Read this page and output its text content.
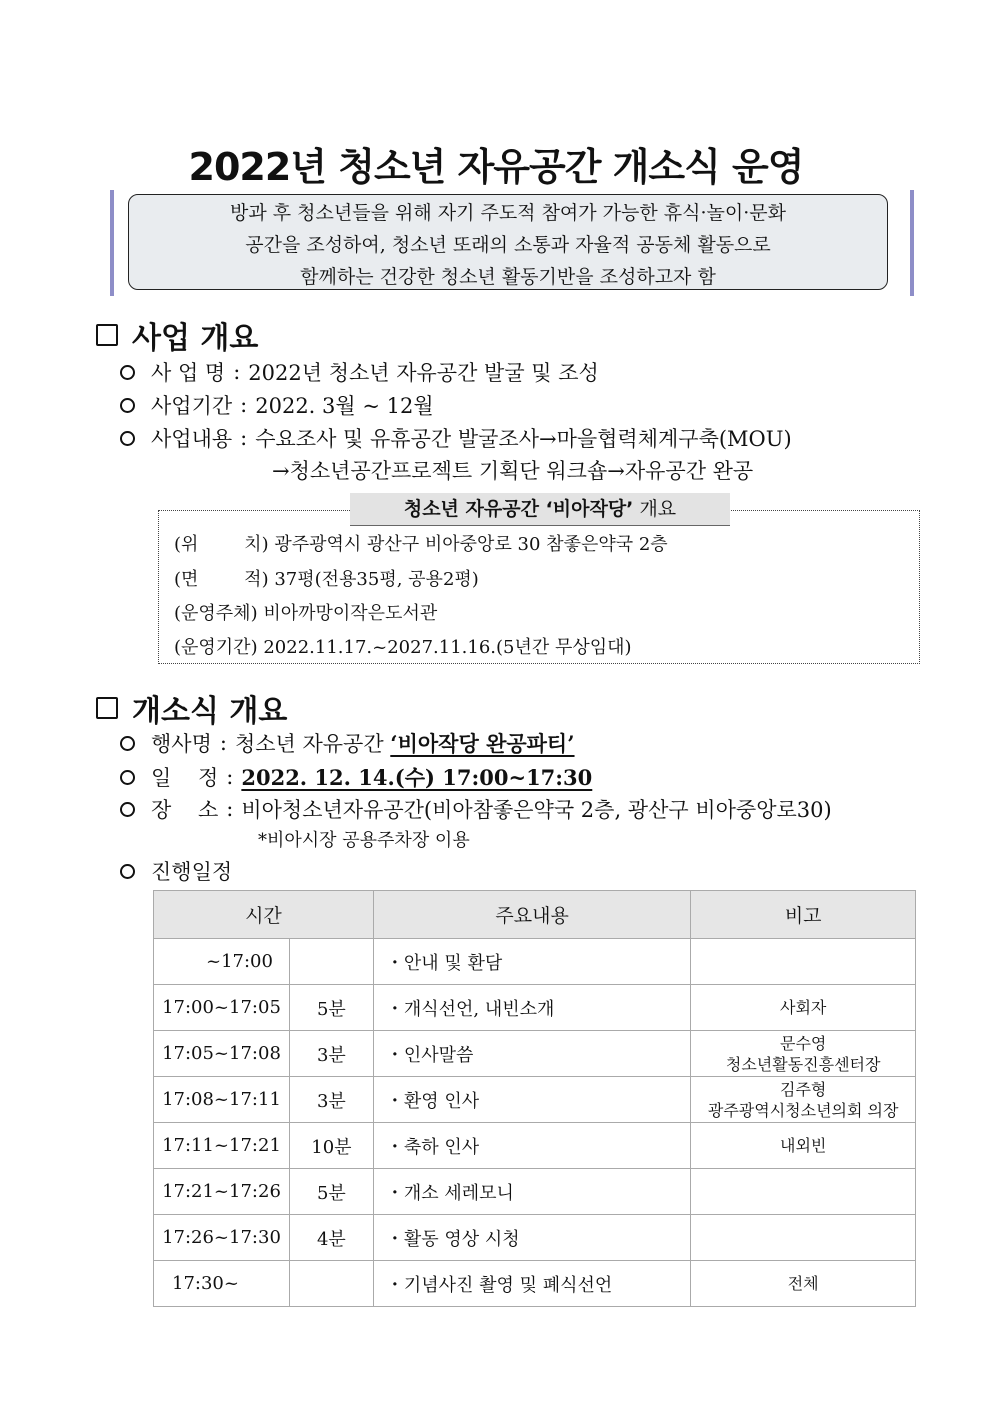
2022년 청소년 자유공간 개소식 운영
방과 후 청소년들을 위해 자기 주도적 참여가 가능한 휴식·놀이·문화
공간을 조성하여, 청소년 또래의 소통과 자율적 공동체 활동으로
함께하는 건강한 청소년 활동기반을 조성하고자 함
사업 개요
사 업 명 : 2022년 청소년 자유공간 발굴 및 조성
사업기간 : 2022. 3월 ~ 12월
사업내용 : 수요조사 및 유휴공간 발굴조사→마을협력체계구축(MOU)
→청소년공간프로젝트 기획단 워크숍→자유공간 완공
청소년 자유공간 ‘비아작당’ 개요
(위        치) 광주광역시 광산구 비아중앙로 30 참좋은약국 2층
(면        적) 37평(전용35평, 공용2평)
(운영주체) 비아까망이작은도서관
(운영기간) 2022.11.17.~2027.11.16.(5년간 무상임대)
개소식 개요
행사명 : 청소년 자유공간 ‘비아작당 완공파티’
일    정 : 2022. 12. 14.(수) 17:00~17:30
장    소 : 비아청소년자유공간(비아참좋은약국 2층, 광산구 비아중앙로30)
*비아시장 공용주차장 이용
진행일정
시간		주요내용	비고
~17:00		・안내 및 환담	

17:00~17:05	5분	・개식선언, 내빈소개	사회자

17:05~17:08	3분	・인사말씀	문수영
청소년활동진흥센터장

17:08~17:11	3분	・환영 인사	김주형
광주광역시청소년의회 의장

17:11~17:21	10분	・축하 인사	내외빈

17:21~17:26	5분	・개소 세레모니	

17:26~17:30	4분	・활동 영상 시청	

17:30~		・기념사진 촬영 및 폐식선언	전체
